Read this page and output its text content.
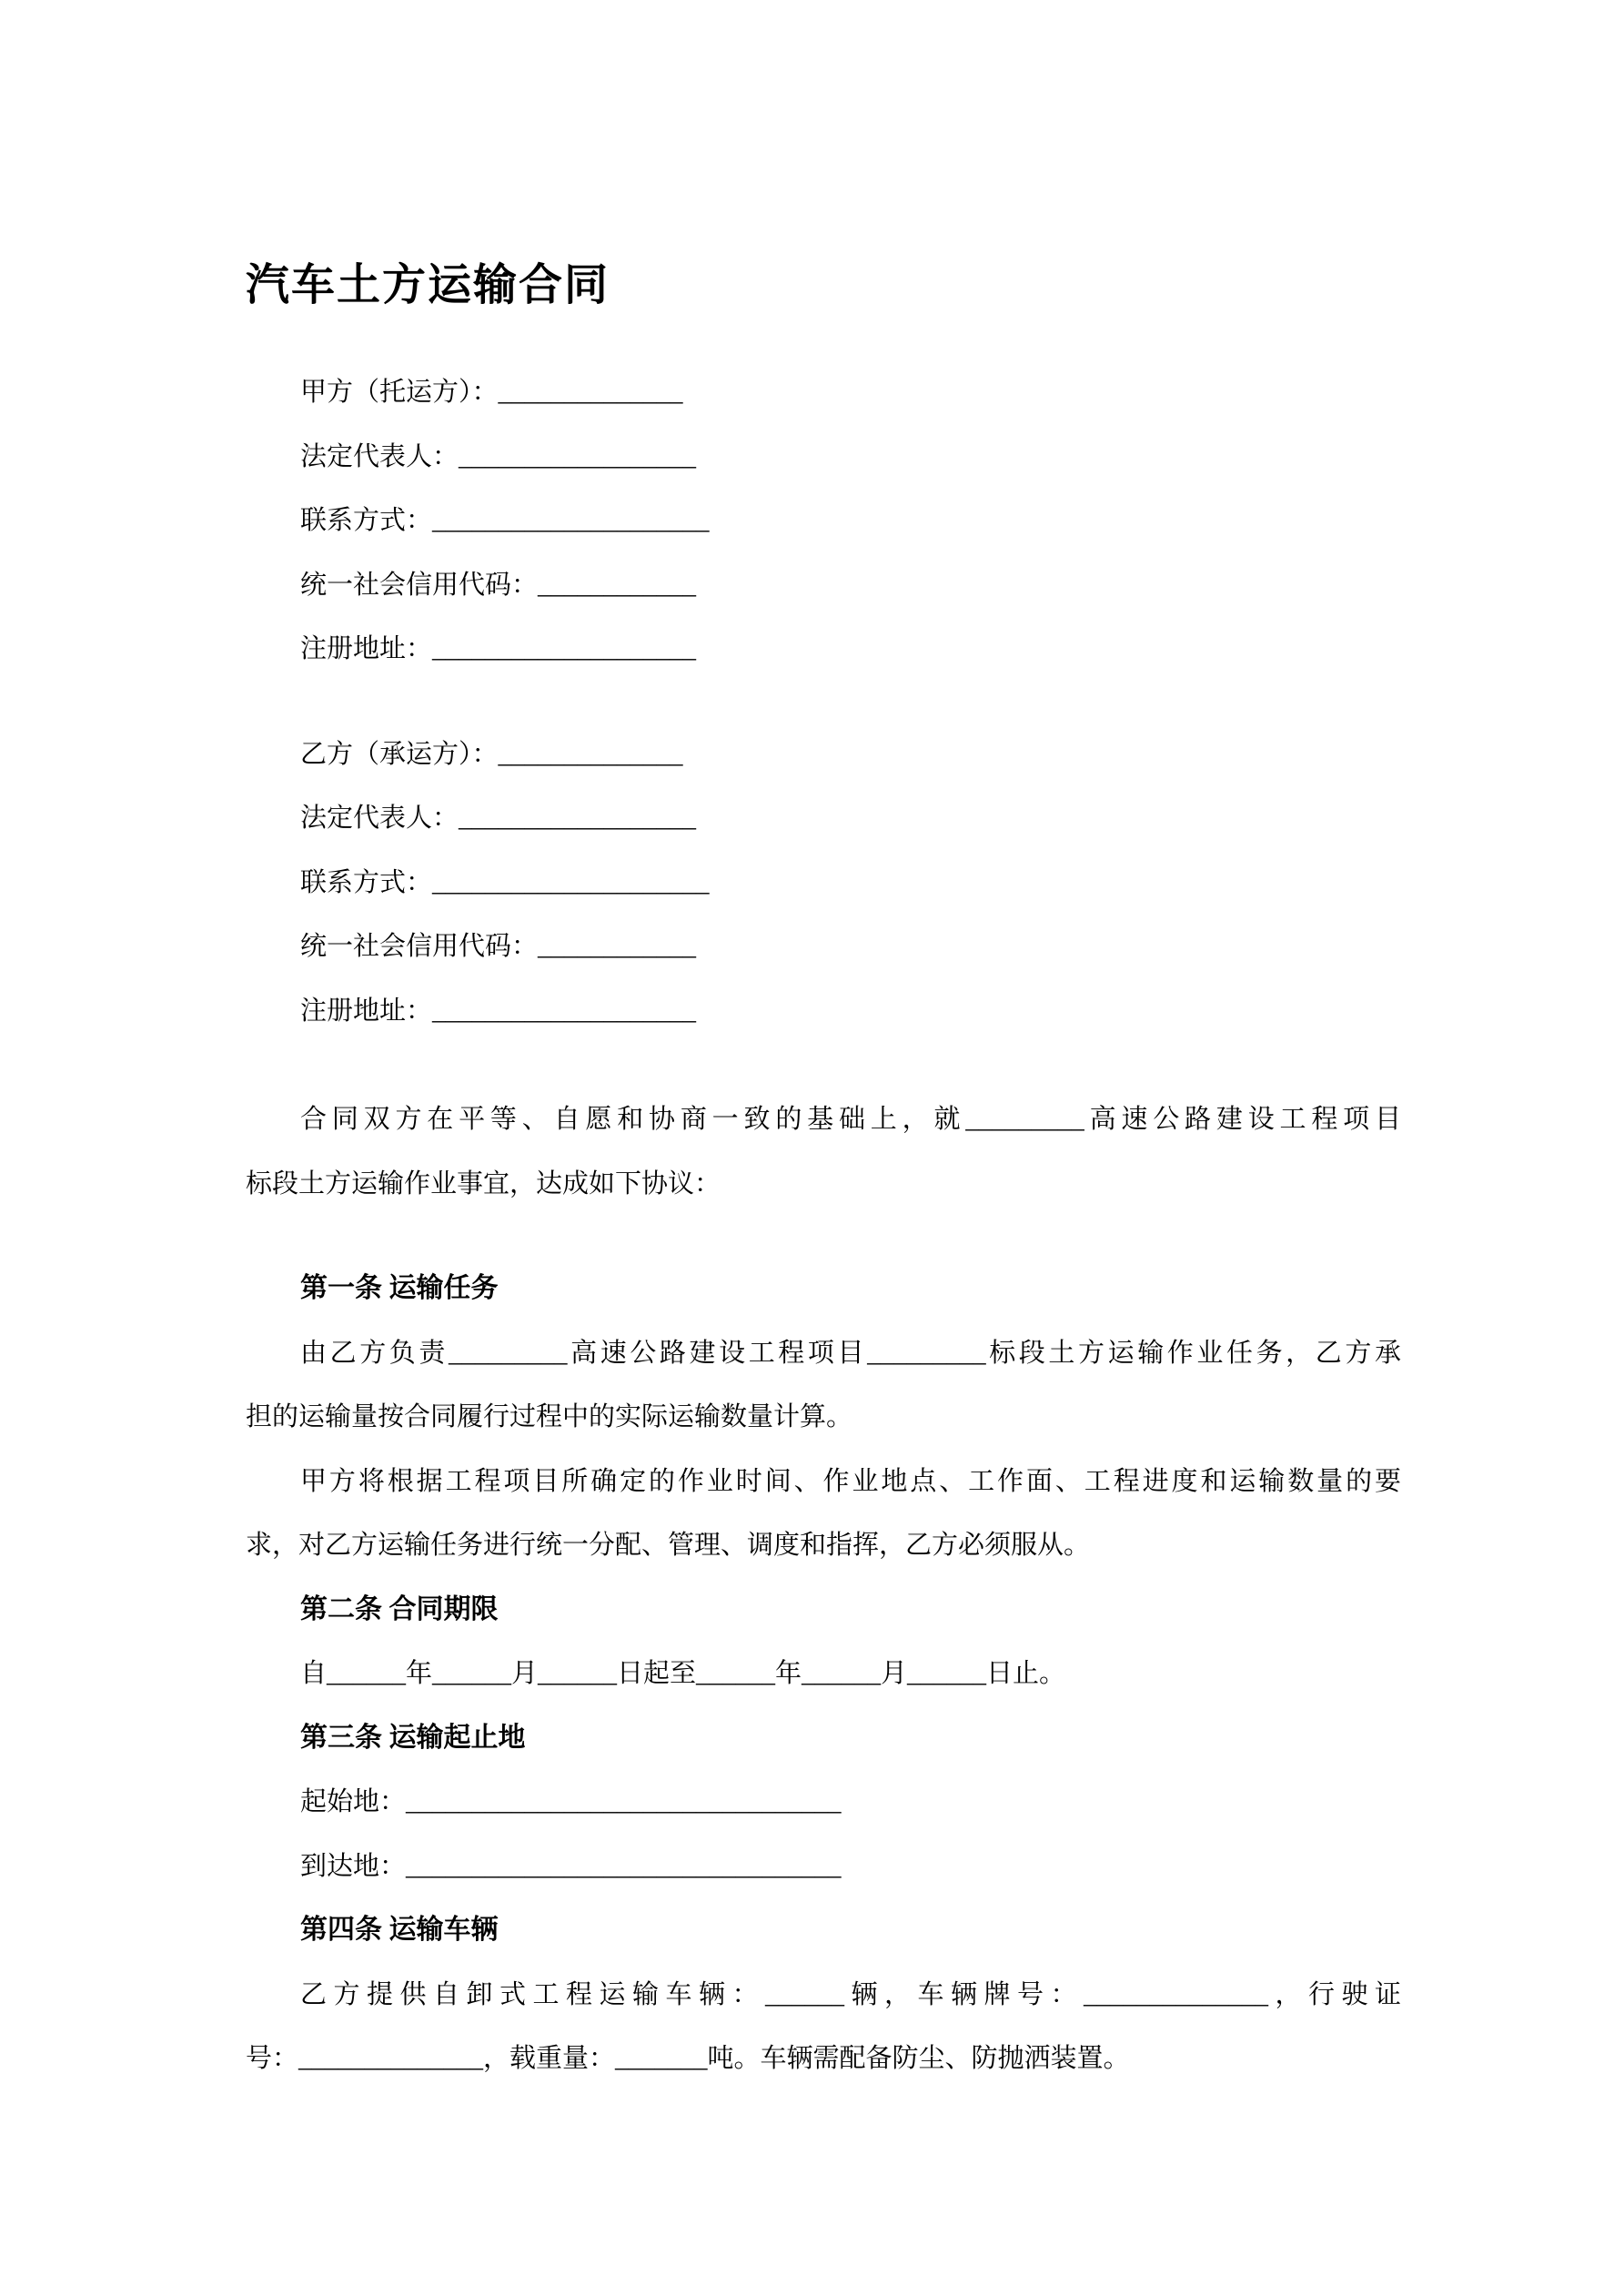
汽车土方运输合同
甲方（托运方）：______________
法定代表人：__________________
联系方式：_____________________
统一社会信用代码：____________
注册地址：____________________
乙方（承运方）：______________
法定代表人：__________________
联系方式：_____________________
统一社会信用代码：____________
注册地址：____________________
合同双方在平等、自愿和协商一致的基础上，就_________高速公路建设工程项目
标段土方运输作业事宜，达成如下协议：
第一条 运输任务
由乙方负责_________高速公路建设工程项目_________标段土方运输作业任务，乙方承
担的运输量按合同履行过程中的实际运输数量计算。
甲方将根据工程项目所确定的作业时间、作业地点、工作面、工程进度和运输数量的要
求，对乙方运输任务进行统一分配、管理、调度和指挥，乙方必须服从。
第二条 合同期限
自______年______月______日起至______年______月______日止。
第三条 运输起止地
起始地：_________________________________
到达地：_________________________________
第四条 运输车辆
乙方提供自卸式工程运输车辆：______辆，车辆牌号：______________，行驶证
号：______________，载重量：_______吨。车辆需配备防尘、防抛洒装置。
